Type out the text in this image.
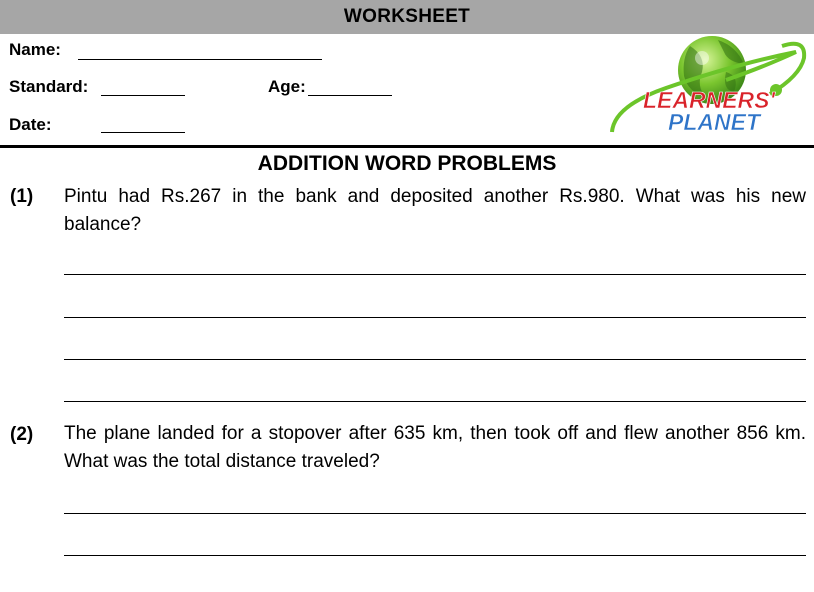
WORKSHEET
Name:
Standard:	Age:
Date:
LEARNERS'
PLANET
ADDITION WORD PROBLEMS
(1) Pintu had Rs.267 in the bank and deposited another Rs.980. What was his new balance?
(2) The plane landed for a stopover after 635 km, then took off and flew another 856 km. What was the total distance traveled?
